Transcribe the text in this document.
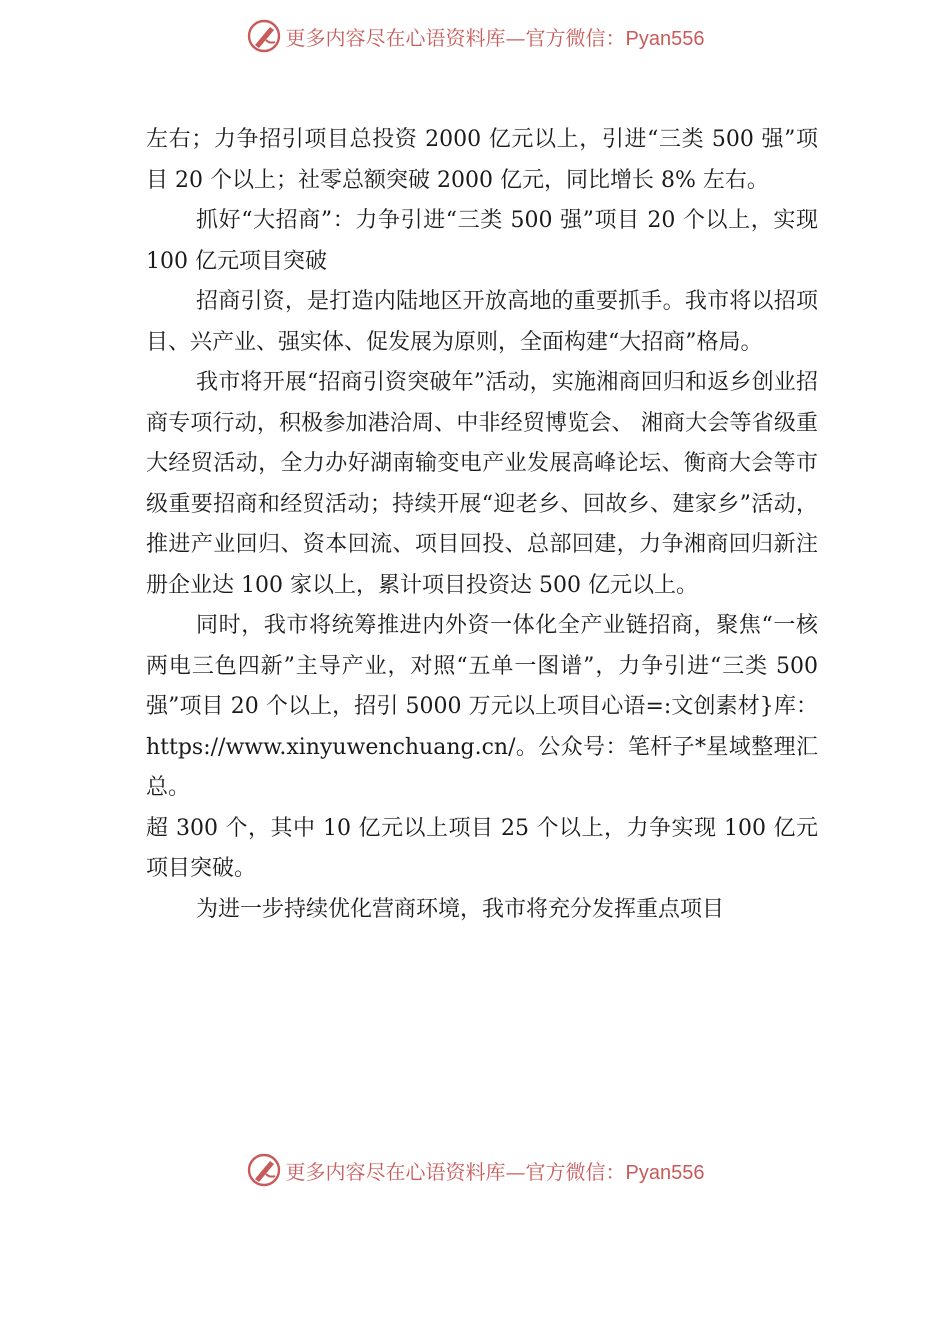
更多内容尽在心语资料库—官方微信：Pyan556

左右；力争招引项目总投资 2000 亿元以上，引进“三类 500 强”项目 20 个以上；社零总额突破 2000 亿元，同比增长 8% 左右。

抓好“大招商”：力争引进“三类 500 强”项目 20 个以上，实现 100 亿元项目突破

招商引资，是打造内陆地区开放高地的重要抓手。我市将以招项目、兴产业、强实体、促发展为原则，全面构建“大招商”格局。

我市将开展“招商引资突破年”活动，实施湘商回归和返乡创业招商专项行动，积极参加港洽周、中非经贸博览会、 湘商大会等省级重大经贸活动，全力办好湖南输变电产业发展高峰论坛、衡商大会等市级重要招商和经贸活动；持续开展“迎老乡、回故乡、建家乡”活动，推进产业回归、资本回流、项目回投、总部回建，力争湘商回归新注册企业达 100 家以上，累计项目投资达 500 亿元以上。

同时，我市将统筹推进内外资一体化全产业链招商，聚焦“一核两电三色四新”主导产业，对照“五单一图谱”，力争引进“三类 500 强”项目 20 个以上，招引 5000 万元以上项目心语=:文创素材}库：https://www.xinyuwenchuang.cn/。公众号：笔杆子*星域整理汇总。

超 300 个，其中 10 亿元以上项目 25 个以上，力争实现 100 亿元项目突破。

为进一步持续优化营商环境，我市将充分发挥重点项目

更多内容尽在心语资料库—官方微信：Pyan556
